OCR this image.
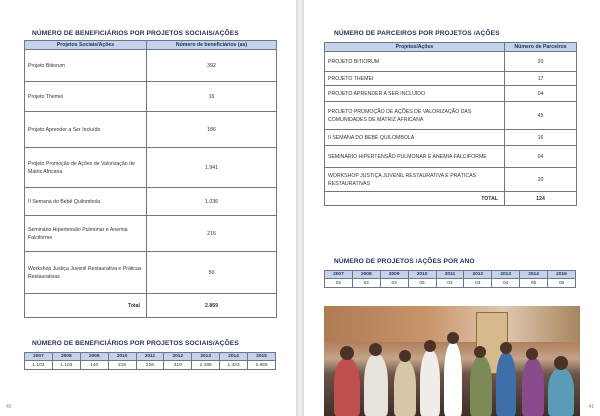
NÚMERO DE BENEFICIÁRIOS POR PROJETOS SOCIAIS/AÇÕES
Projetos Sociais/Ações	Número de beneficiários (as)
Projeto Bitiorum	392
Projeto Themei	16
Projeto Aprender a Ser Incluído	186
Projeto Promoção de Ações de Valorização de Matriz Africana	1.941
II Semana do Bebê Quilombola	1.036
Seminário Hipertensão Pulmonar e Anemia Falciforme	216
Workshop Justiça Juvenil Restaurativa e Práticas Restaurativas	50
Total	2.869
NÚMERO DE BENEFICIÁRIOS POR PROJETOS SOCIAIS/AÇÕES
2007	2008	2009	2010	2011	2012	2013	2014	2015
1.103	1.103	140	215	226	419	1.488	1.423	2.869
40
NÚMERO DE PARCEIROS POR PROJETOS /AÇÕES
Projetos/Ações	Número de Parceiros
PROJETO BITIORUM	20
PROJETO THEMEI	17
PROJETO APRENDER A SER INCLUÍDO	04
PROJETO PROMOÇÃO DE AÇÕES DE VALORIZAÇÃO DAS COMUNIDADES DE MATRIZ AFRICANA	45
II SEMANA DO BEBÊ QUILOMBOLA	16
SEMINÁRIO HIPERTENSÃO PULMONAR E ANEMIA FALCIFORME	04
WORKSHOP JUSTIÇA JUVENIL RESTAURATIVA E PRÁTICAS RESTAURATIVAS	20
TOTAL	124
NÚMERO DE PROJETOS /AÇÕES POR ANO
2007	2008	2009	2010	2011	2012	2013	2014	2015
02	02	03	05	03	03	04	05	08
41
